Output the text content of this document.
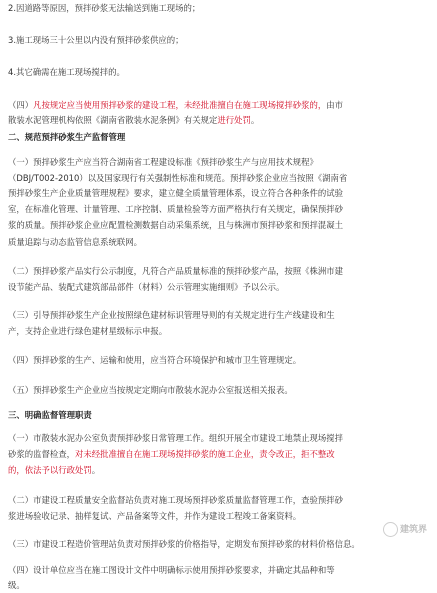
2.因道路等原因，预拌砂浆无法输送到施工现场的；
3.施工现场三十公里以内没有预拌砂浆供应的；
4.其它确需在施工现场搅拌的。
（四）凡按规定应当使用预拌砂浆的建设工程，未经批准擅自在施工现场搅拌砂浆的，由市
散装水泥管理机构依照《湖南省散装水泥条例》有关规定进行处罚。
二、规范预拌砂浆生产监督管理
（一）预拌砂浆生产应当符合湖南省工程建设标准《预拌砂浆生产与应用技术规程》
（DBJ/T002-2010）以及国家现行有关强制性标准和规范。预拌砂浆企业应当按照《湖南省
预拌砂浆生产企业质量管理规程》要求，建立健全质量管理体系，设立符合各种条件的试验
室，在标准化管理、计量管理、工序控制、质量检验等方面严格执行有关规定，确保预拌砂
浆的质量。预拌砂浆企业应配置检测数据自动采集系统，且与株洲市预拌砂浆和预拌混凝土
质量追踪与动态监管信息系统联网。
（二）预拌砂浆产品实行公示制度，凡符合产品质量标准的预拌砂浆产品，按照《株洲市建
设节能产品、装配式建筑部品部件（材料）公示管理实施细则》予以公示。
（三）引导预拌砂浆生产企业按照绿色建材标识管理导则的有关规定进行生产线建设和生
产，支持企业进行绿色建材星级标示申报。
（四）预拌砂浆的生产、运输和使用，应当符合环境保护和城市卫生管理规定。
（五）预拌砂浆生产企业应当按规定定期向市散装水泥办公室报送相关报表。
三、明确监督管理职责
（一）市散装水泥办公室负责预拌砂浆日常管理工作。组织开展全市建设工地禁止现场搅拌
砂浆的监督检查，对未经批准擅自在施工现场搅拌砂浆的施工企业，责令改正，拒不整改
的，依法予以行政处罚。
（二）市建设工程质量安全监督站负责对施工现场预拌砂浆质量监督管理工作，查验预拌砂
浆进场验收记录、抽样复试、产品备案等文件，并作为建设工程竣工备案资料。
（三）市建设工程造价管理站负责对预拌砂浆的价格指导，定期发布预拌砂浆的材料价格信息。
（四）设计单位应当在施工图设计文件中明确标示使用预拌砂浆要求，并确定其品种和等
级。
建筑界
